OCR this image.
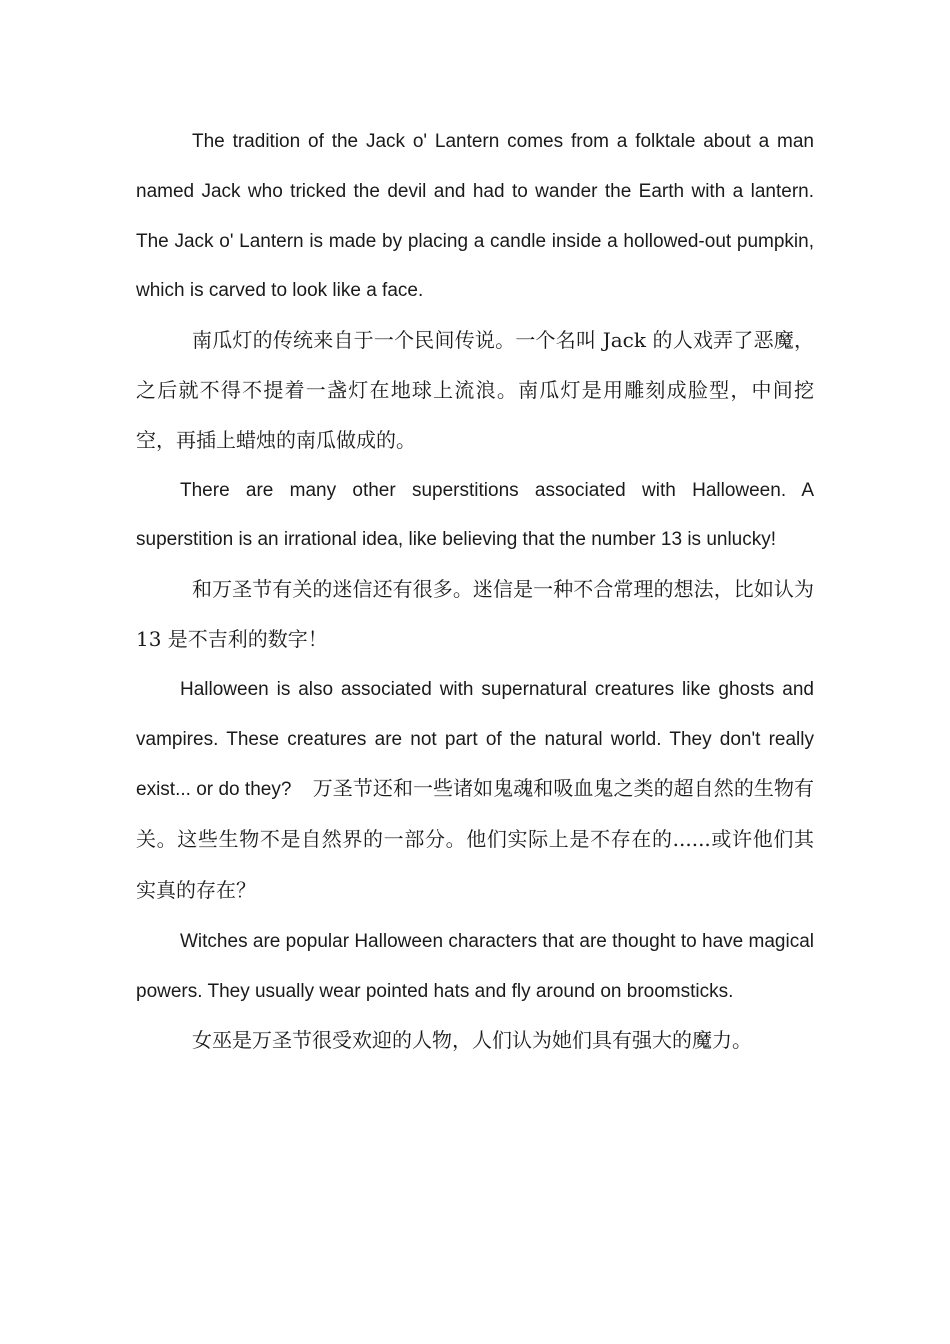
The tradition of the Jack o' Lantern comes from a folktale about a man named Jack who tricked the devil and had to wander the Earth with a lantern. The Jack o' Lantern is made by placing a candle inside a hollowed-out pumpkin, which is carved to look like a face.

南瓜灯的传统来自于一个民间传说。一个名叫 Jack 的人戏弄了恶魔，之后就不得不提着一盏灯在地球上流浪。南瓜灯是用雕刻成脸型，中间挖空，再插上蜡烛的南瓜做成的。

There are many other superstitions associated with Halloween. A superstition is an irrational idea, like believing that the number 13 is unlucky!

和万圣节有关的迷信还有很多。迷信是一种不合常理的想法，比如认为 13 是不吉利的数字！

Halloween is also associated with supernatural creatures like ghosts and vampires. These creatures are not part of the natural world. They don't really exist... or do they? 万圣节还和一些诸如鬼魂和吸血鬼之类的超自然的生物有关。这些生物不是自然界的一部分。他们实际上是不存在的......或许他们其实真的存在？

Witches are popular Halloween characters that are thought to have magical powers. They usually wear pointed hats and fly around on broomsticks.

女巫是万圣节很受欢迎的人物，人们认为她们具有强大的魔力。
